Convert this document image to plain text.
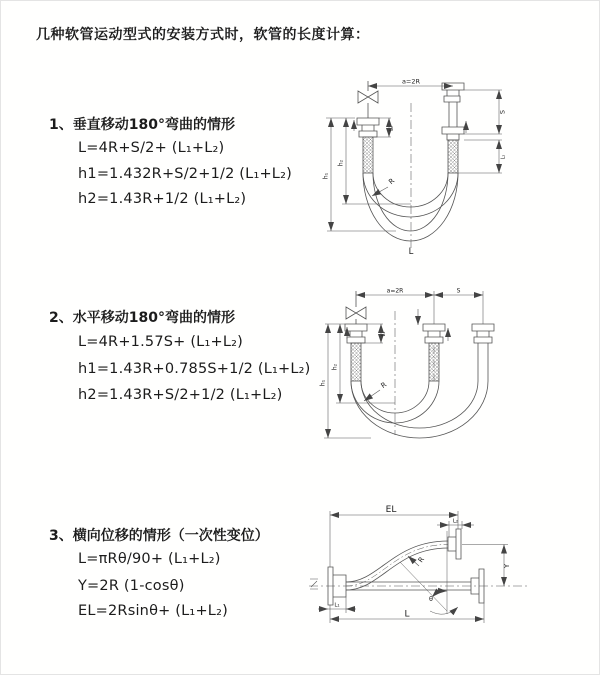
几种软管运动型式的安装方式时，软管的长度计算：
1、垂直移动180°弯曲的情形
L=4R+S/2+ (L₁+L₂)
h1=1.432R+S/2+1/2 (L₁+L₂)
h2=1.43R+1/2 (L₁+L₂)
2、水平移动180°弯曲的情形
L=4R+1.57S+ (L₁+L₂)
h1=1.43R+0.785S+1/2 (L₁+L₂)
h2=1.43R+S/2+1/2 (L₁+L₂)
3、横向位移的情形（一次性变位）
L=πRθ/90+ (L₁+L₂)
Y=2R (1-cosθ)
EL=2Rsinθ+ (L₁+L₂)
a=2R
S
L₂
h₂
h₁
L₁
R
L
a=2R	S
h₂
h₁
L₁
R
EL
L₂
Y
R
θ
L
L₁
